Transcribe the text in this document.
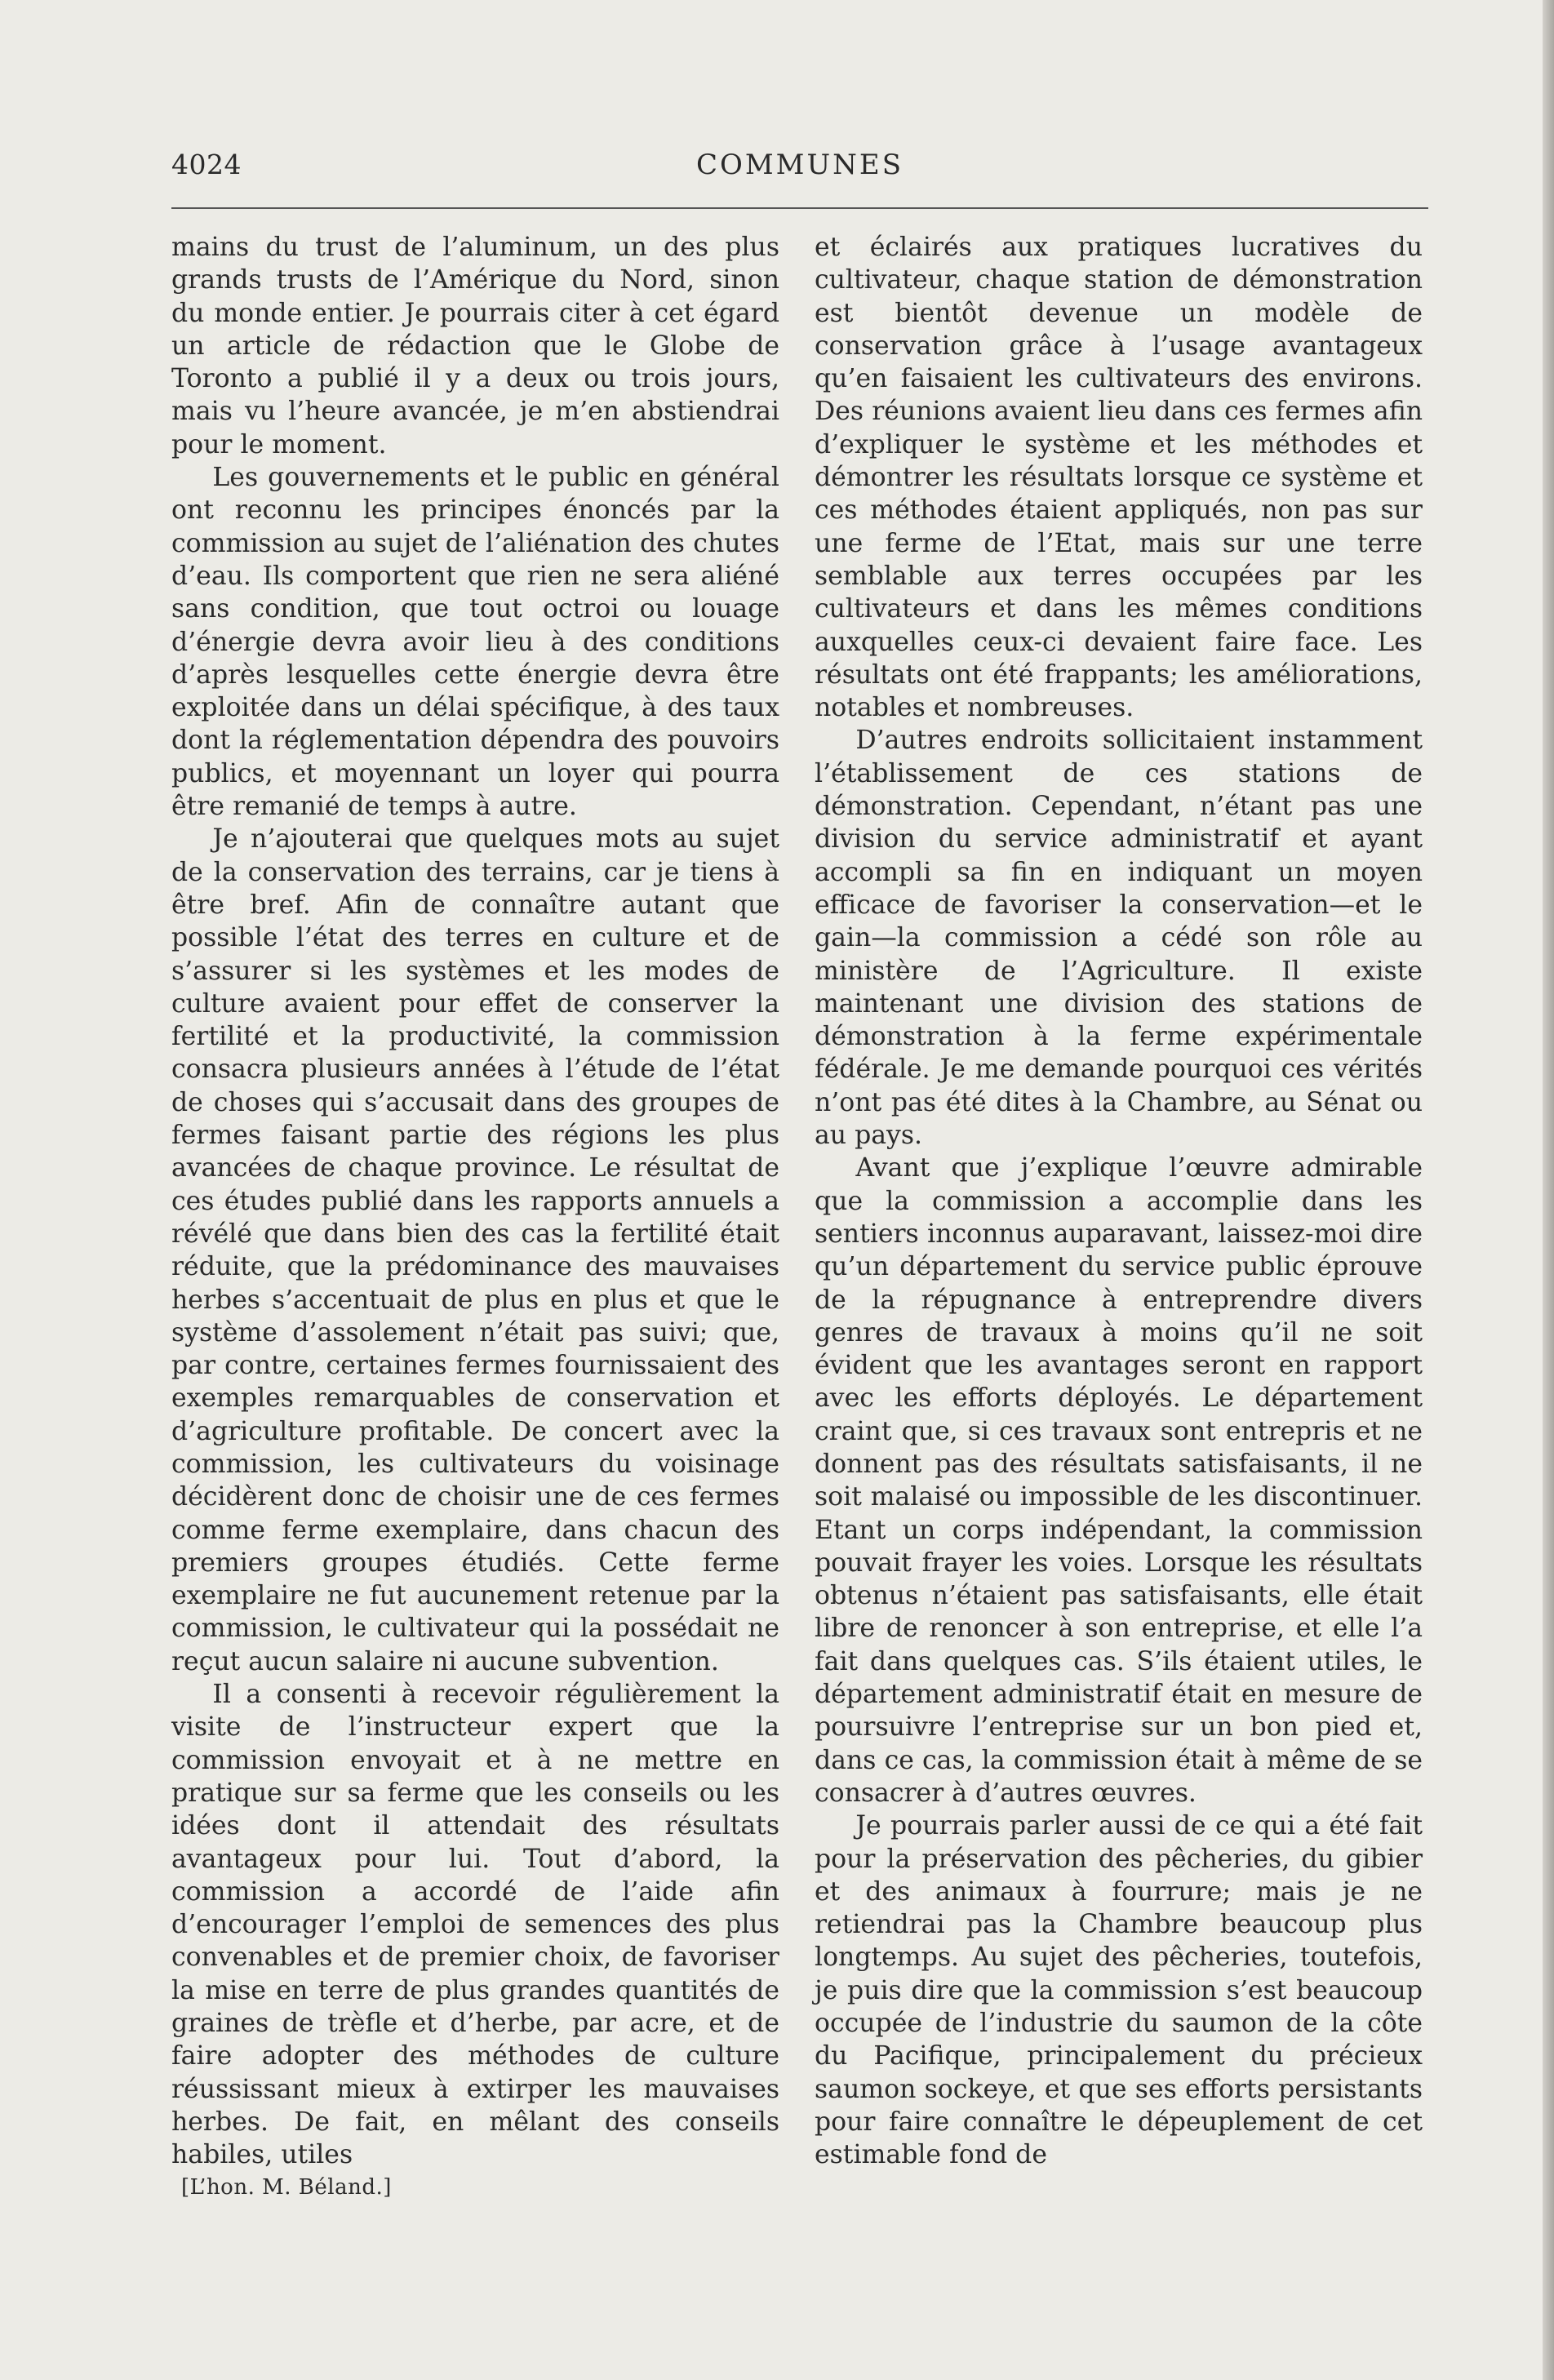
4024	COMMUNES

mains du trust de l’aluminum, un des plus grands trusts de l’Amérique du Nord, sinon du monde entier. Je pourrais citer à cet égard un article de rédaction que le Globe de Toronto a publié il y a deux ou trois jours, mais vu l’heure avancée, je m’en abstiendrai pour le moment.

Les gouvernements et le public en général ont reconnu les principes énoncés par la commission au sujet de l’aliénation des chutes d’eau. Ils comportent que rien ne sera aliéné sans condition, que tout octroi ou louage d’énergie devra avoir lieu à des conditions d’après lesquelles cette énergie devra être exploitée dans un délai spécifique, à des taux dont la réglementation dépendra des pouvoirs publics, et moyennant un loyer qui pourra être remanié de temps à autre.

Je n’ajouterai que quelques mots au sujet de la conservation des terrains, car je tiens à être bref. Afin de connaître autant que possible l’état des terres en culture et de s’assurer si les systèmes et les modes de culture avaient pour effet de conserver la fertilité et la productivité, la commission consacra plusieurs années à l’étude de l’état de choses qui s’accusait dans des groupes de fermes faisant partie des régions les plus avancées de chaque province. Le résultat de ces études publié dans les rapports annuels a révélé que dans bien des cas la fertilité était réduite, que la prédominance des mauvaises herbes s’accentuait de plus en plus et que le système d’assolement n’était pas suivi; que, par contre, certaines fermes fournissaient des exemples remarquables de conservation et d’agriculture profitable. De concert avec la commission, les cultivateurs du voisinage décidèrent donc de choisir une de ces fermes comme ferme exemplaire, dans chacun des premiers groupes étudiés. Cette ferme exemplaire ne fut aucunement retenue par la commission, le cultivateur qui la possédait ne reçut aucun salaire ni aucune subvention.

Il a consenti à recevoir régulièrement la visite de l’instructeur expert que la commission envoyait et à ne mettre en pratique sur sa ferme que les conseils ou les idées dont il attendait des résultats avantageux pour lui. Tout d’abord, la commission a accordé de l’aide afin d’encourager l’emploi de semences des plus convenables et de premier choix, de favoriser la mise en terre de plus grandes quantités de graines de trèfle et d’herbe, par acre, et de faire adopter des méthodes de culture réussissant mieux à extirper les mauvaises herbes. De fait, en mêlant des conseils habiles, utiles

et éclairés aux pratiques lucratives du cultivateur, chaque station de démonstration est bientôt devenue un modèle de conservation grâce à l’usage avantageux qu’en faisaient les cultivateurs des environs. Des réunions avaient lieu dans ces fermes afin d’expliquer le système et les méthodes et démontrer les résultats lorsque ce système et ces méthodes étaient appliqués, non pas sur une ferme de l’Etat, mais sur une terre semblable aux terres occupées par les cultivateurs et dans les mêmes conditions auxquelles ceux-ci devaient faire face. Les résultats ont été frappants; les améliorations, notables et nombreuses.

D’autres endroits sollicitaient instamment l’établissement de ces stations de démonstration. Cependant, n’étant pas une division du service administratif et ayant accompli sa fin en indiquant un moyen efficace de favoriser la conservation—et le gain—la commission a cédé son rôle au ministère de l’Agriculture. Il existe maintenant une division des stations de démonstration à la ferme expérimentale fédérale. Je me demande pourquoi ces vérités n’ont pas été dites à la Chambre, au Sénat ou au pays.

Avant que j’explique l’œuvre admirable que la commission a accomplie dans les sentiers inconnus auparavant, laissez-moi dire qu’un département du service public éprouve de la répugnance à entreprendre divers genres de travaux à moins qu’il ne soit évident que les avantages seront en rapport avec les efforts déployés. Le département craint que, si ces travaux sont entrepris et ne donnent pas des résultats satisfaisants, il ne soit malaisé ou impossible de les discontinuer. Etant un corps indépendant, la commission pouvait frayer les voies. Lorsque les résultats obtenus n’étaient pas satisfaisants, elle était libre de renoncer à son entreprise, et elle l’a fait dans quelques cas. S’ils étaient utiles, le département administratif était en mesure de poursuivre l’entreprise sur un bon pied et, dans ce cas, la commission était à même de se consacrer à d’autres œuvres.

Je pourrais parler aussi de ce qui a été fait pour la préservation des pêcheries, du gibier et des animaux à fourrure; mais je ne retiendrai pas la Chambre beaucoup plus longtemps. Au sujet des pêcheries, toutefois, je puis dire que la commission s’est beaucoup occupée de l’industrie du saumon de la côte du Pacifique, principalement du précieux saumon sockeye, et que ses efforts persistants pour faire connaître le dépeuplement de cet estimable fond de

[L’hon. M. Béland.]
